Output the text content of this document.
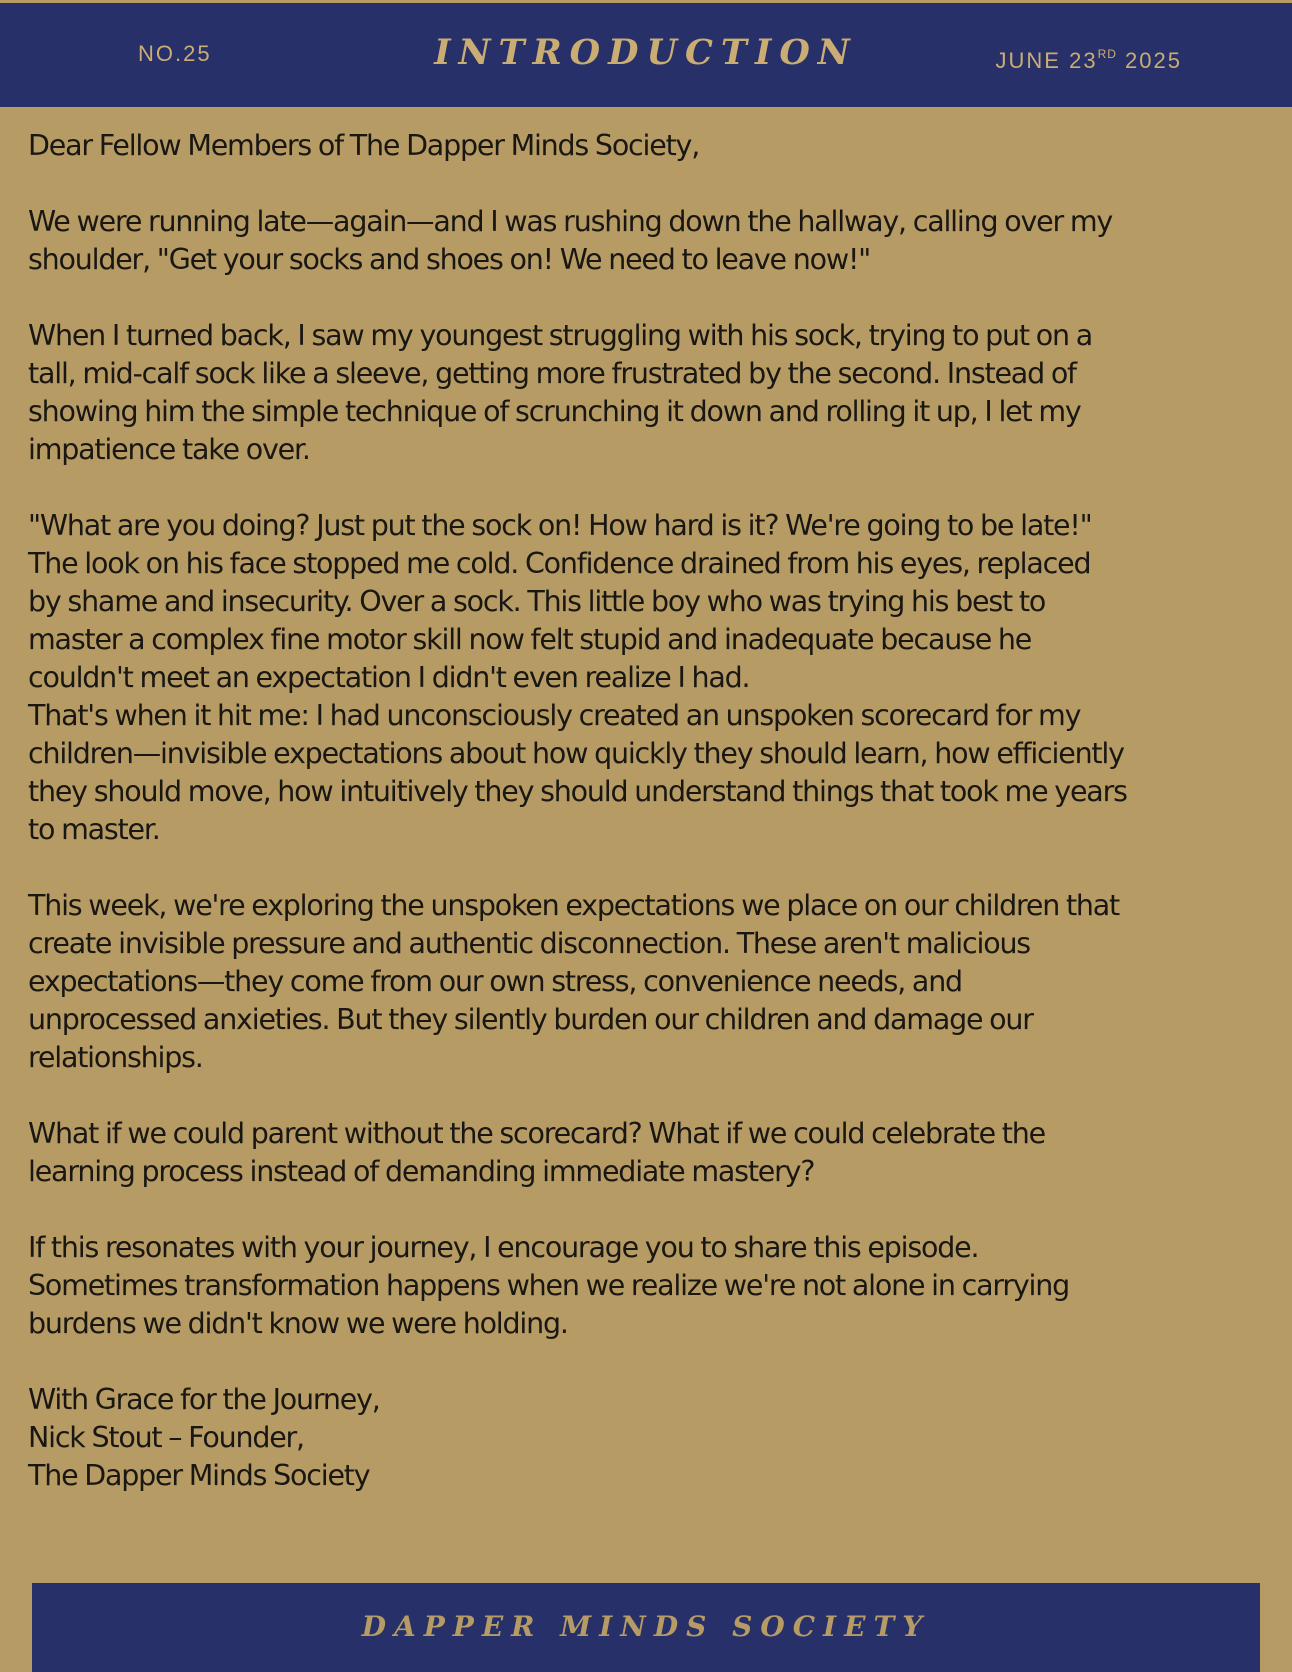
NO.25	INTRODUCTION	JUNE 23RD 2025

Dear Fellow Members of The Dapper Minds Society,

We were running late—again—and I was rushing down the hallway, calling over my
shoulder, "Get your socks and shoes on! We need to leave now!"

When I turned back, I saw my youngest struggling with his sock, trying to put on a
tall, mid-calf sock like a sleeve, getting more frustrated by the second. Instead of
showing him the simple technique of scrunching it down and rolling it up, I let my
impatience take over.

"What are you doing? Just put the sock on! How hard is it? We're going to be late!"
The look on his face stopped me cold. Confidence drained from his eyes, replaced
by shame and insecurity. Over a sock. This little boy who was trying his best to
master a complex fine motor skill now felt stupid and inadequate because he
couldn't meet an expectation I didn't even realize I had.

That's when it hit me: I had unconsciously created an unspoken scorecard for my
children—invisible expectations about how quickly they should learn, how efficiently
they should move, how intuitively they should understand things that took me years
to master.

This week, we're exploring the unspoken expectations we place on our children that
create invisible pressure and authentic disconnection. These aren't malicious
expectations—they come from our own stress, convenience needs, and
unprocessed anxieties. But they silently burden our children and damage our
relationships.

What if we could parent without the scorecard? What if we could celebrate the
learning process instead of demanding immediate mastery?

If this resonates with your journey, I encourage you to share this episode.
Sometimes transformation happens when we realize we're not alone in carrying
burdens we didn't know we were holding.

With Grace for the Journey,

Nick Stout – Founder,

The Dapper Minds Society

DAPPER MINDS SOCIETY
